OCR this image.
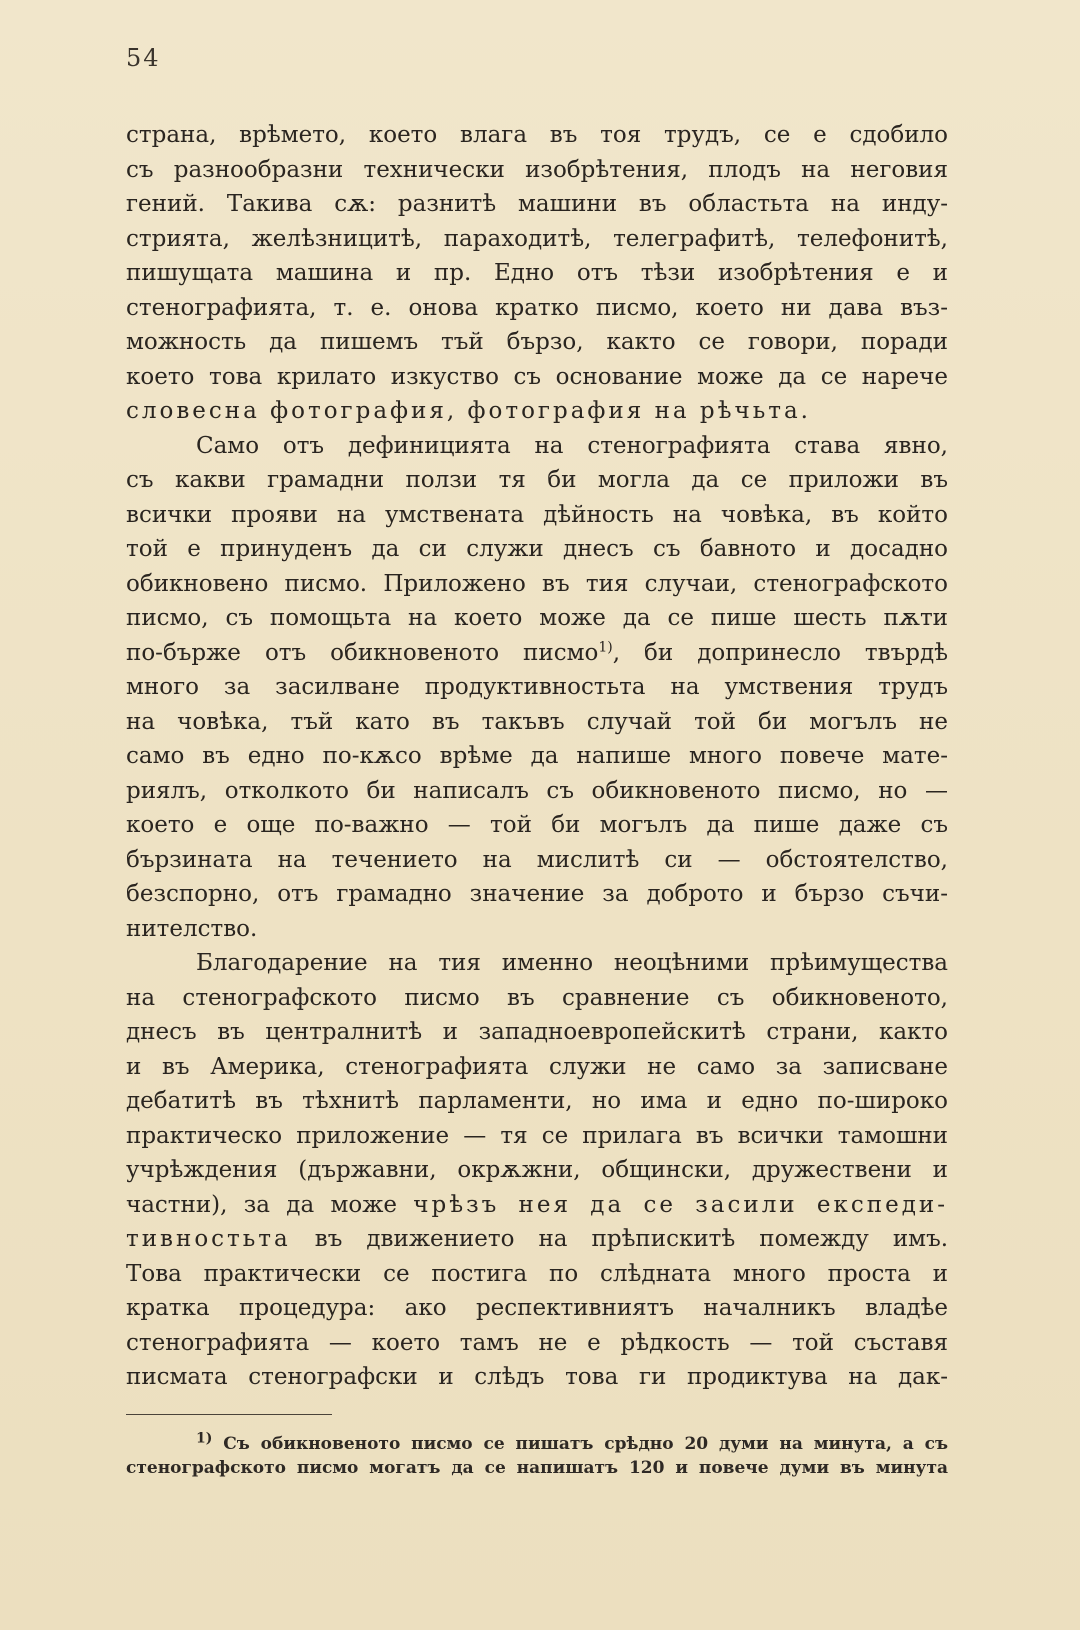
54
страна, врѣмето, което влага въ тоя трудъ, се е сдобило
съ разнообразни технически изобрѣтения, плодъ на неговия
гений. Такива сѫ: разнитѣ машини въ областьта на инду-
стрията, желѣзницитѣ, параходитѣ, телеграфитѣ, телефонитѣ,
пишущата машина и пр. Едно отъ тѣзи изобрѣтения е и
стенографията, т. е. онова кратко писмо, което ни дава въз-
можность да пишемъ тъй бързо, както се говори, поради
което това крилато изкуство съ основание може да се нарече
словесна фотография, фотография на рѣчьта.
Само отъ дефиницията на стенографията става явно,
съ какви грамадни ползи тя би могла да се приложи въ
всички прояви на умствената дѣйность на човѣка, въ който
той е принуденъ да си служи днесъ съ бавното и досадно
обикновено писмо. Приложено въ тия случаи, стенографското
писмо, съ помощьта на което може да се пише шесть пѫти
по-бърже отъ обикновеното писмо$^{1)}$, би допринесло твърдѣ
много за засилване продуктивностьта на умствения трудъ
на човѣка, тъй като въ такъвъ случай той би могълъ не
само въ едно по-кѫсо врѣме да напише много повече мате-
риялъ, отколкото би написалъ съ обикновеното писмо, но —
което е още по-важно — той би могълъ да пише даже съ
бързината на течението на мислитѣ си — обстоятелство,
безспорно, отъ грамадно значение за доброто и бързо съчи-
нителство.
Благодарение на тия именно неоцѣними прѣимущества
на стенографското писмо въ сравнение съ обикновеното,
днесъ въ централнитѣ и западноевропейскитѣ страни, както
и въ Америка, стенографията служи не само за записване
дебатитѣ въ тѣхнитѣ парламенти, но има и едно по-широко
практическо приложение — тя се прилага въ всички тамошни
учрѣждения (държавни, окрѫжни, общински, дружествени и
частни), за да може чрѣзъ нея да се засили експеди-
тивностьта въ движението на прѣпискитѣ помежду имъ.
Това практически се постига по слѣдната много проста и
кратка процедура: ако респективниятъ началникъ владѣе
стенографията — което тамъ не е рѣдкость — той съставя
писмата стенографски и слѣдъ това ги продиктува на дак-
$^{1)}$ Съ обикновеното писмо се пишатъ срѣдно 20 думи на минута, а съ
стенографското писмо могатъ да се напишатъ 120 и повече думи въ минута
